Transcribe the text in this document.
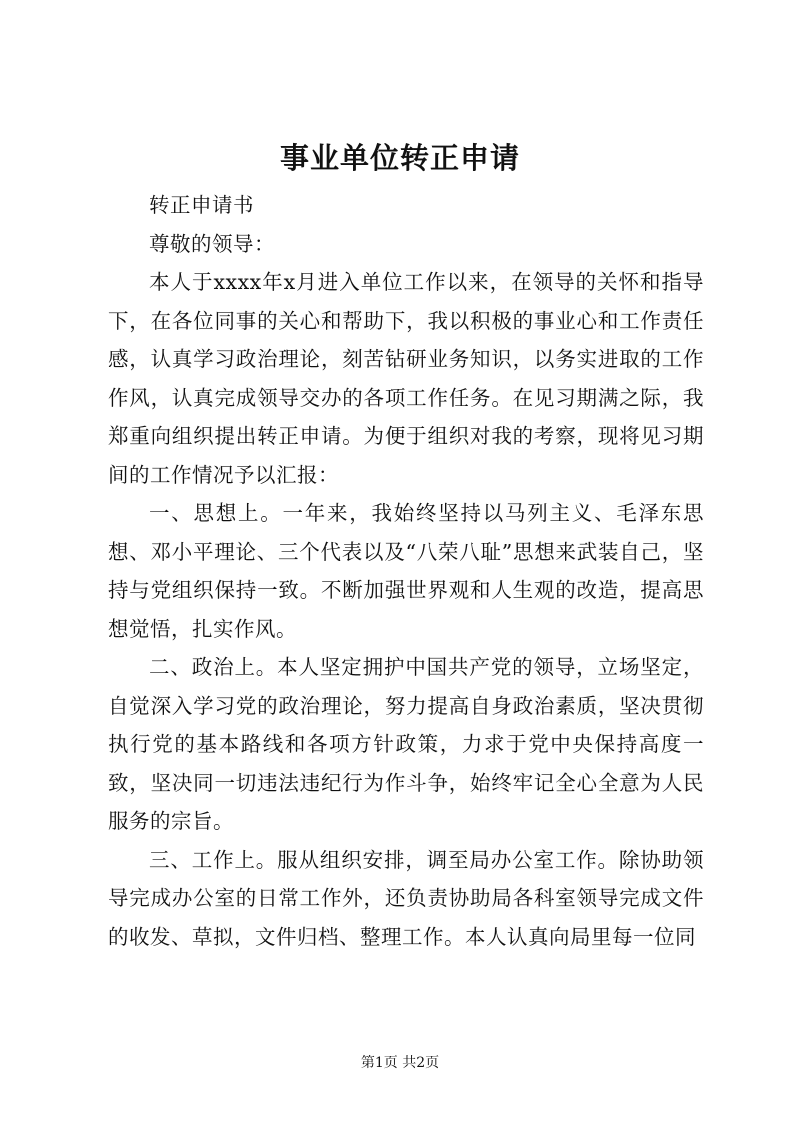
事业单位转正申请

转正申请书

尊敬的领导：

本人于xxxx年x月进入单位工作以来，在领导的关怀和指导下，在各位同事的关心和帮助下，我以积极的事业心和工作责任感，认真学习政治理论，刻苦钻研业务知识，以务实进取的工作作风，认真完成领导交办的各项工作任务。在见习期满之际，我郑重向组织提出转正申请。为便于组织对我的考察，现将见习期间的工作情况予以汇报：

一、思想上。一年来，我始终坚持以马列主义、毛泽东思想、邓小平理论、三个代表以及“八荣八耻”思想来武装自己，坚持与党组织保持一致。不断加强世界观和人生观的改造，提高思想觉悟，扎实作风。

二、政治上。本人坚定拥护中国共产党的领导，立场坚定，自觉深入学习党的政治理论，努力提高自身政治素质，坚决贯彻执行党的基本路线和各项方针政策，力求于党中央保持高度一致，坚决同一切违法违纪行为作斗争，始终牢记全心全意为人民服务的宗旨。

三、工作上。服从组织安排，调至局办公室工作。除协助领导完成办公室的日常工作外，还负责协助局各科室领导完成文件的收发、草拟，文件归档、整理工作。本人认真向局里每一位同

第1页 共2页
